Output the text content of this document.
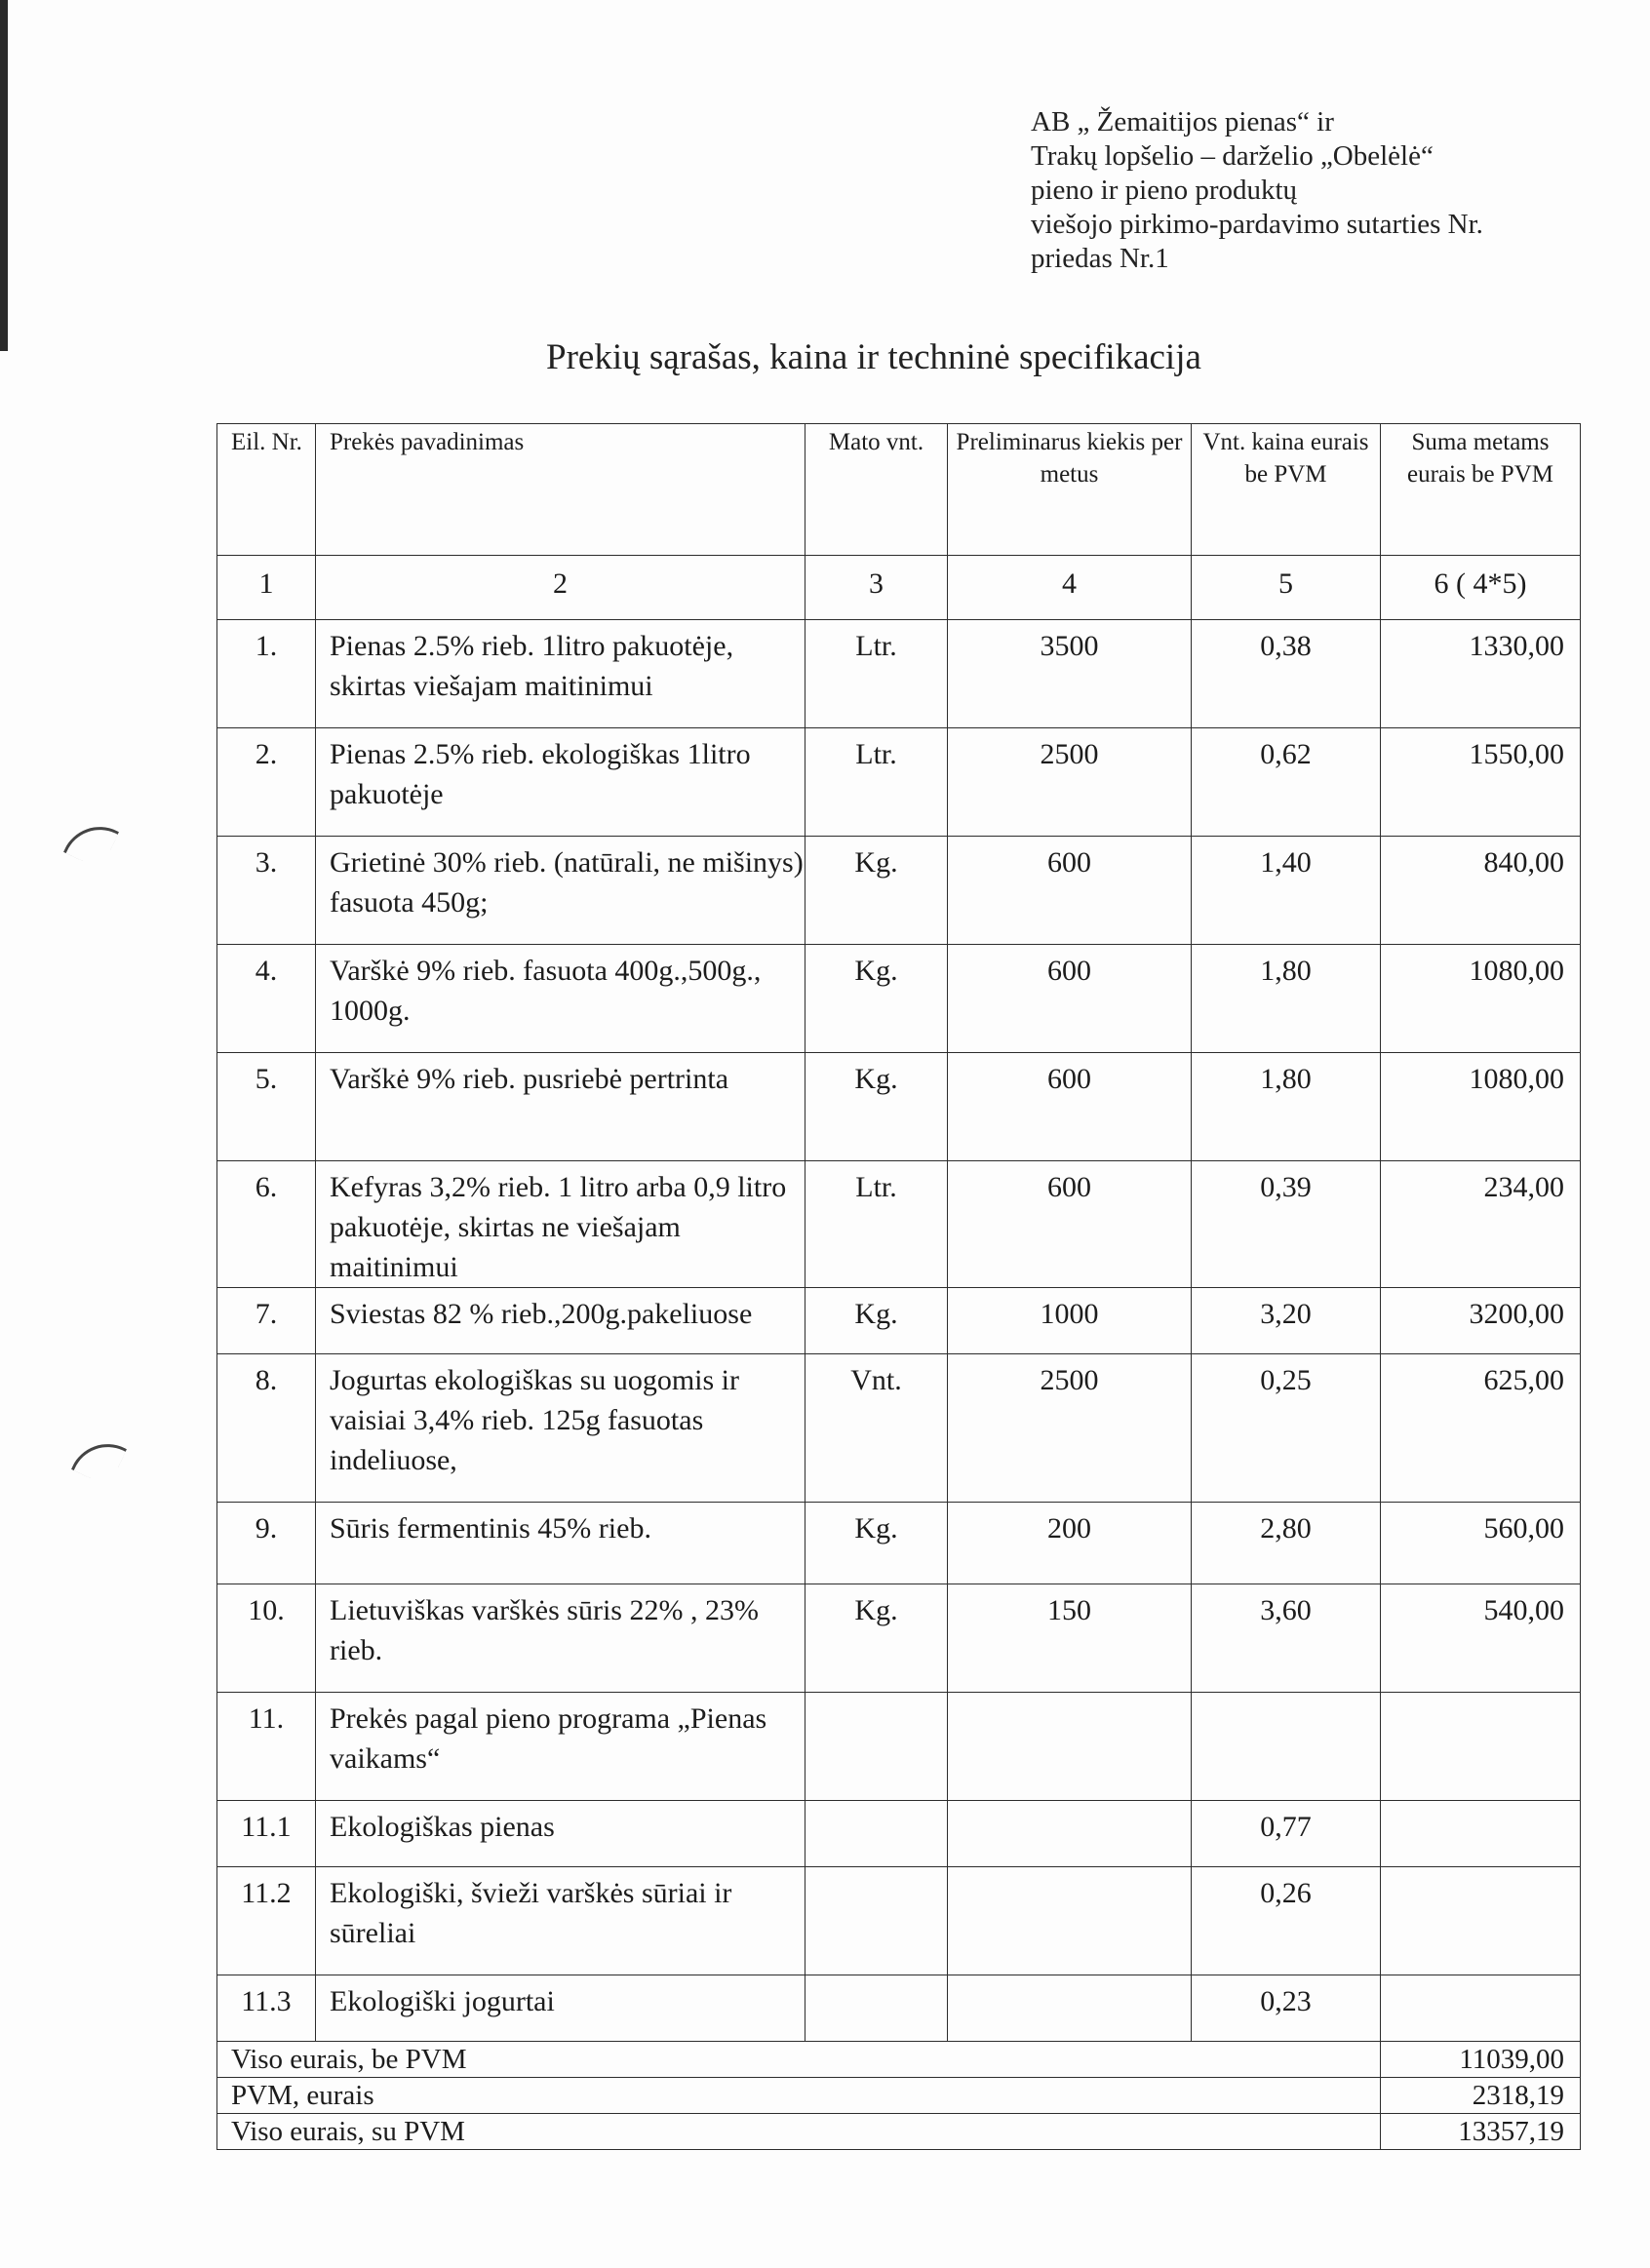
AB „ Žemaitijos pienas“ ir
Trakų lopšelio – darželio „Obelėlė“
pieno ir pieno produktų
viešojo pirkimo-pardavimo sutarties Nr.
priedas Nr.1
Prekių sąrašas, kaina ir techninė specifikacija
Eil. Nr.	Prekės pavadinimas	Mato vnt.	Preliminarus kiekis per metus	Vnt. kaina eurais be PVM	Suma metams eurais be PVM
1	2	3	4	5	6 ( 4*5)
1.	Pienas 2.5% rieb. 1litro pakuotėje, skirtas viešajam maitinimui	Ltr.	3500	0,38	1330,00
2.	Pienas 2.5% rieb. ekologiškas 1litro pakuotėje	Ltr.	2500	0,62	1550,00
3.	Grietinė 30% rieb. (natūrali, ne mišinys) fasuota 450g;	Kg.	600	1,40	840,00
4.	Varškė 9% rieb. fasuota 400g.,500g., 1000g.	Kg.	600	1,80	1080,00
5.	Varškė 9% rieb. pusriebė pertrinta	Kg.	600	1,80	1080,00
6.	Kefyras 3,2% rieb. 1 litro arba 0,9 litro pakuotėje, skirtas ne viešajam maitinimui	Ltr.	600	0,39	234,00
7.	Sviestas 82 % rieb.,200g.pakeliuose	Kg.	1000	3,20	3200,00
8.	Jogurtas ekologiškas su uogomis ir vaisiai 3,4% rieb. 125g fasuotas indeliuose,	Vnt.	2500	0,25	625,00
9.	Sūris fermentinis 45% rieb.	Kg.	200	2,80	560,00
10.	Lietuviškas varškės sūris 22% , 23% rieb.	Kg.	150	3,60	540,00
11.	Prekės pagal pieno programa „Pienas vaikams“				
11.1	Ekologiškas pienas			0,77	
11.2	Ekologiški, švieži varškės sūriai ir sūreliai			0,26	
11.3	Ekologiški jogurtai			0,23	
Viso eurais, be PVM					11039,00
PVM, eurais					2318,19
Viso eurais, su PVM					13357,19
